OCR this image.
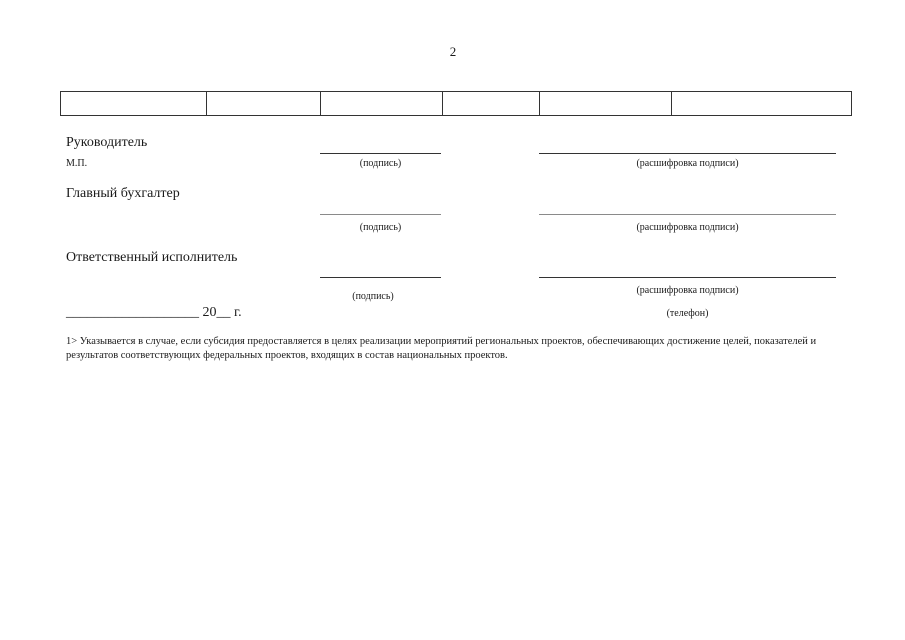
2
Руководитель
М.П.	(подпись)	(расшифровка подписи)
Главный бухгалтер
(подпись)	(расшифровка подписи)
Ответственный исполнитель
(подпись)
(расшифровка подписи)
(телефон)
___________________ 20__ г.
1> Указывается в случае, если субсидия предоставляется в целях реализации мероприятий региональных проектов, обеспечивающих достижение целей, показателей и результатов соответствующих федеральных проектов, входящих в состав национальных проектов.
